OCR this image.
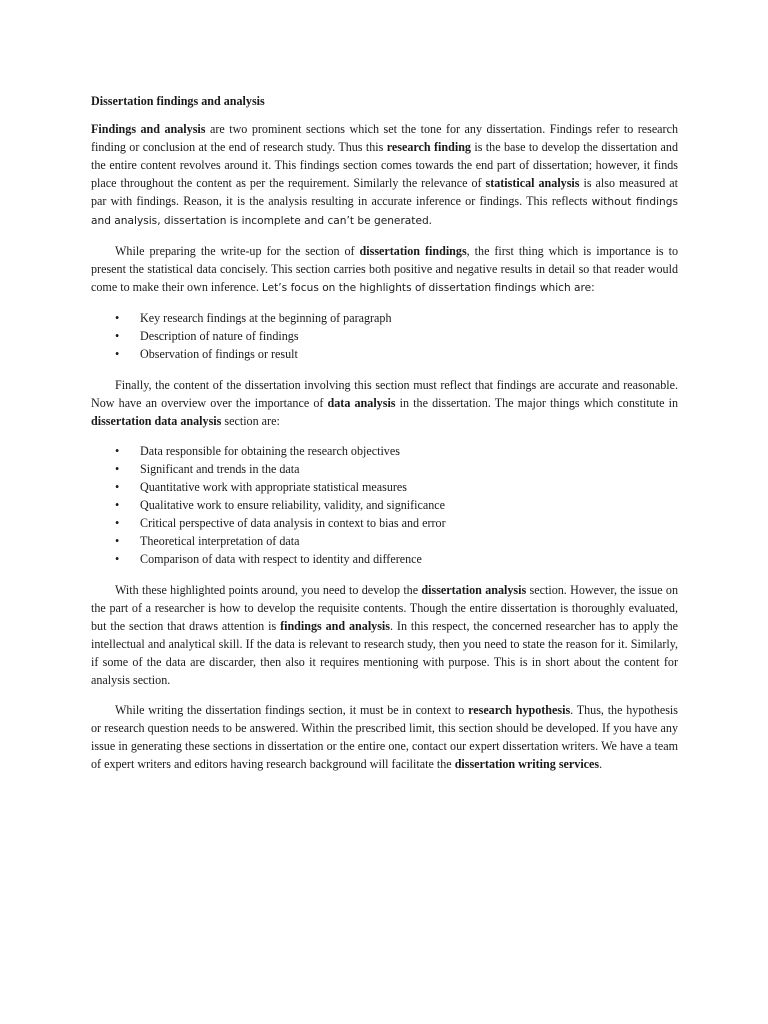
Dissertation findings and analysis

Findings and analysis are two prominent sections which set the tone for any dissertation. Findings refer to research finding or conclusion at the end of research study. Thus this research finding is the base to develop the dissertation and the entire content revolves around it. This findings section comes towards the end part of dissertation; however, it finds place throughout the content as per the requirement. Similarly the relevance of statistical analysis is also measured at par with findings. Reason, it is the analysis resulting in accurate inference or findings. This reflects without findings and analysis, dissertation is incomplete and can’t be generated.

While preparing the write-up for the section of dissertation findings, the first thing which is importance is to present the statistical data concisely. This section carries both positive and negative results in detail so that reader would come to make their own inference. Let’s focus on the highlights of dissertation findings which are:

• Key research findings at the beginning of paragraph
• Description of nature of findings
• Observation of findings or result

Finally, the content of the dissertation involving this section must reflect that findings are accurate and reasonable. Now have an overview over the importance of data analysis in the dissertation. The major things which constitute in dissertation data analysis section are:

• Data responsible for obtaining the research objectives
• Significant and trends in the data
• Quantitative work with appropriate statistical measures
• Qualitative work to ensure reliability, validity, and significance
• Critical perspective of data analysis in context to bias and error
• Theoretical interpretation of data
• Comparison of data with respect to identity and difference

With these highlighted points around, you need to develop the dissertation analysis section. However, the issue on the part of a researcher is how to develop the requisite contents. Though the entire dissertation is thoroughly evaluated, but the section that draws attention is findings and analysis. In this respect, the concerned researcher has to apply the intellectual and analytical skill. If the data is relevant to research study, then you need to state the reason for it. Similarly, if some of the data are discarder, then also it requires mentioning with purpose. This is in short about the content for analysis section.

While writing the dissertation findings section, it must be in context to research hypothesis. Thus, the hypothesis or research question needs to be answered. Within the prescribed limit, this section should be developed. If you have any issue in generating these sections in dissertation or the entire one, contact our expert dissertation writers. We have a team of expert writers and editors having research background will facilitate the dissertation writing services.
